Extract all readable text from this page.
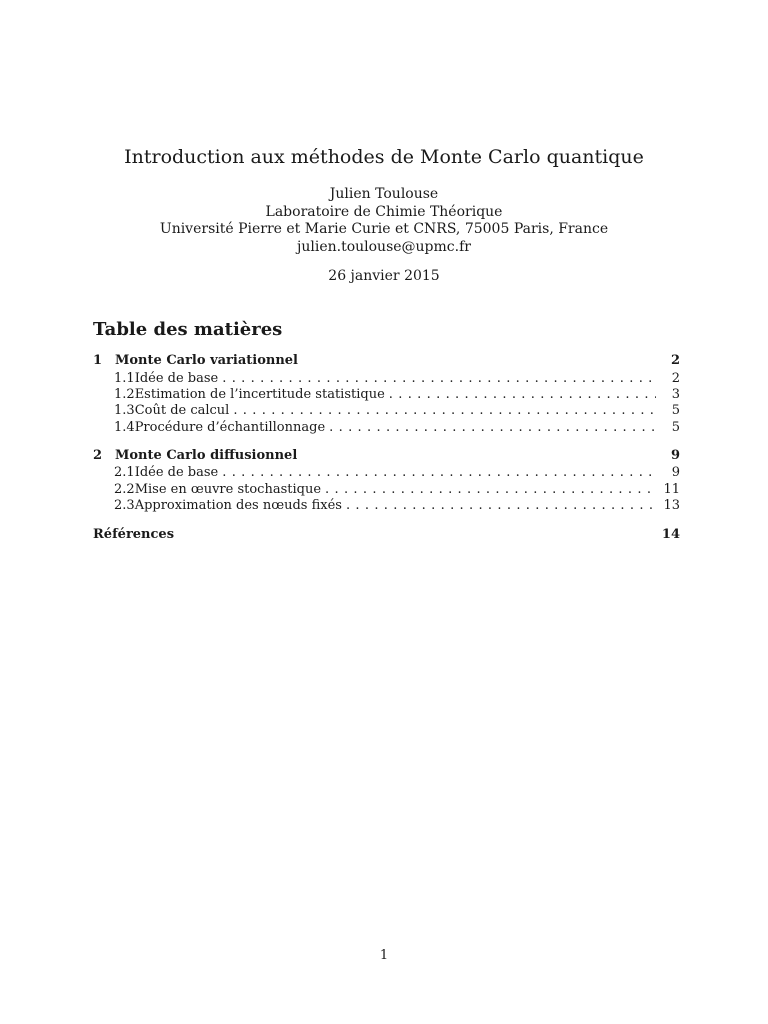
Introduction aux méthodes de Monte Carlo quantique
Julien Toulouse
Laboratoire de Chimie Théorique
Université Pierre et Marie Curie et CNRS, 75005 Paris, France
julien.toulouse@upmc.fr
26 janvier 2015
Table des matières
1 Monte Carlo variationnel	2
1.1 Idée de base . . .	2
1.2 Estimation de l’incertitude statistique . . .	3
1.3 Coût de calcul . . .	5
1.4 Procédure d’échantillonnage . . .	5
2 Monte Carlo diffusionnel	9
2.1 Idée de base . . .	9
2.2 Mise en œuvre stochastique . . .	11
2.3 Approximation des nœuds fixés . . .	13
Références	14
1
